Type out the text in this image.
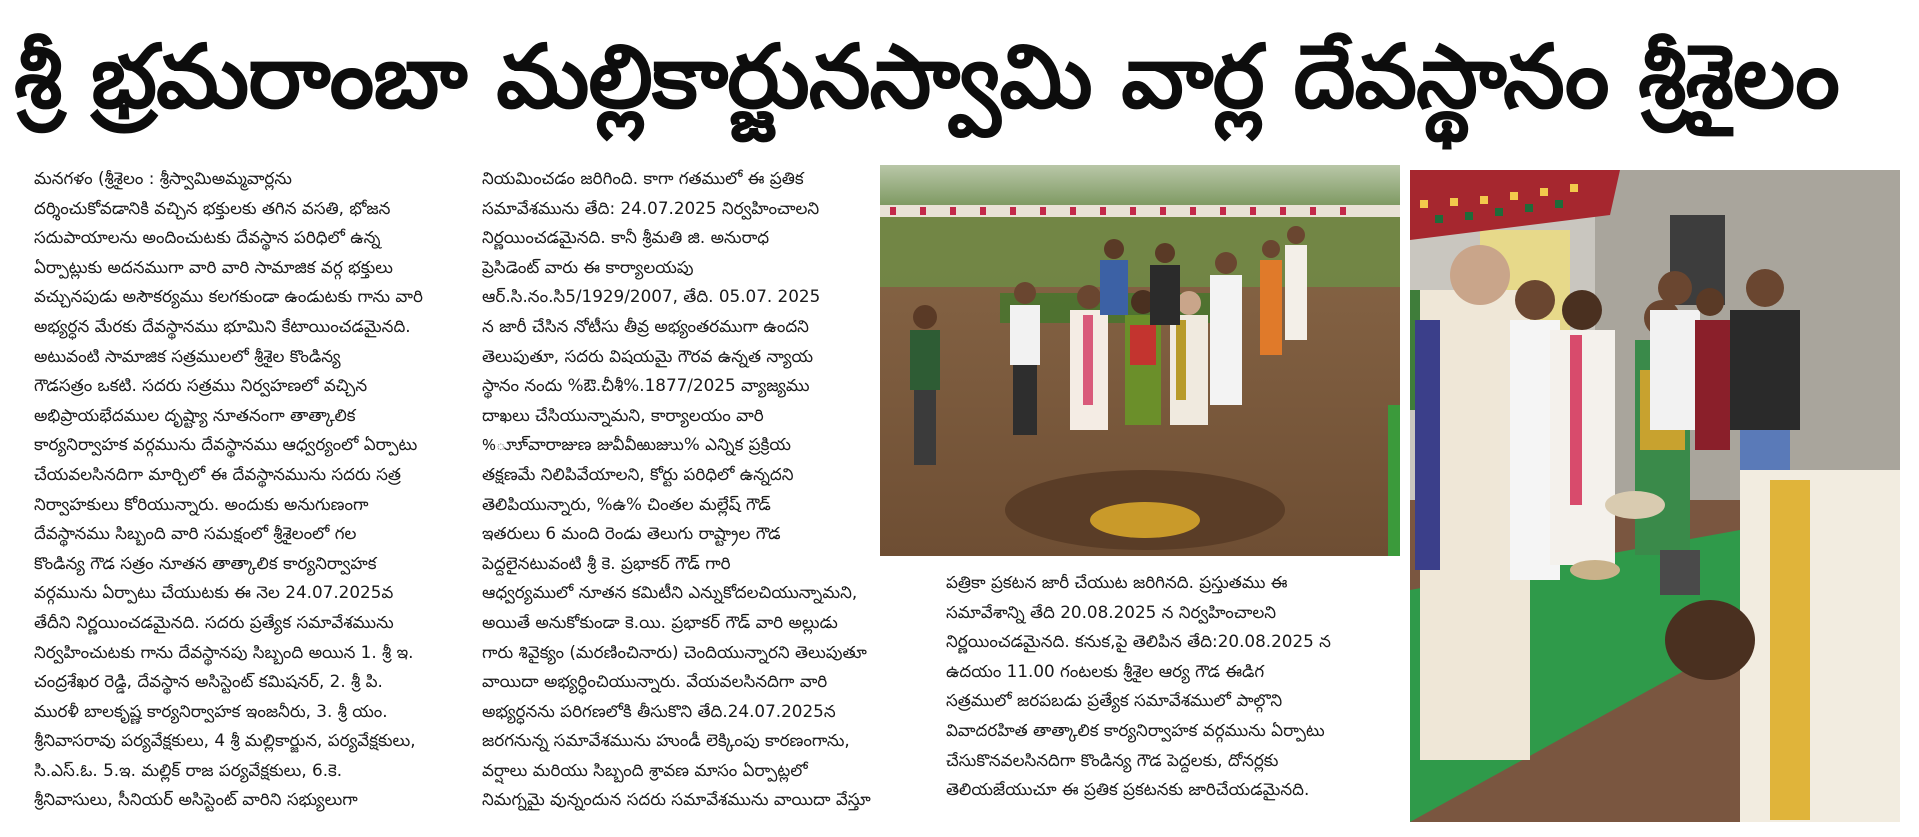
శ్రీ భ్రమరాంబా మల్లికార్జునస్వామి వార్ల దేవస్థానం శ్రీశైలం
మనగళం (శ్రీశైలం : శ్రీస్వామిఅమ్మవార్లను
దర్శించుకోవడానికి వచ్చిన భక్తులకు తగిన వసతి, భోజన
సదుపాయాలను అందించుటకు దేవస్థాన పరిధిలో ఉన్న
ఏర్పాట్లుకు అదనముగా వారి వారి సామాజిక వర్గ భక్తులు
వచ్చునపుడు అసౌకర్యము కలగకుండా ఉండుటకు గాను వారి
అభ్యర్ధన మేరకు దేవస్థానము భూమిని కేటాయించడమైనది.
అటువంటి సామాజిక సత్రములలో శ్రీశైల కొండిన్య
గౌడసత్రం ఒకటి. సదరు సత్రము నిర్వహణలో వచ్చిన
అభిప్రాయభేదముల దృష్ట్యా నూతనంగా తాత్కాలిక
కార్యనిర్వాహక వర్గమును దేవస్థానము ఆధ్వర్యంలో ఏర్పాటు
చేయవలసినదిగా మార్చిలో ఈ దేవస్థానమును సదరు సత్ర
నిర్వాహకులు కోరియున్నారు. అందుకు అనుగుణంగా
దేవస్థానము సిబ్బంది వారి సమక్షంలో శ్రీశైలంలో గల
కొండిన్య గౌడ సత్రం నూతన తాత్కాలిక కార్యనిర్వాహక
వర్గమును ఏర్పాటు చేయుటకు ఈ నెల 24.07.2025వ
తేదీని నిర్ణయించడమైనది. సదరు ప్రత్యేక సమావేశమును
నిర్వహించుటకు గాను దేవస్థానపు సిబ్బంది అయిన 1. శ్రీ ఇ.
చంద్రశేఖర రెడ్డి, దేవస్థాన అసిస్టెంట్ కమిషనర్, 2. శ్రీ పి.
మురళీ బాలకృష్ణ కార్యనిర్వాహక ఇంజనీరు, 3. శ్రీ యం.
శ్రీనివాసరావు పర్యవేక్షకులు, 4 శ్రీ మల్లికార్జున, పర్యవేక్షకులు,
సి.ఎస్.ఓ. 5.ఇ. మల్లిక్ రాజ పర్యవేక్షకులు, 6.కె.
శ్రీనివాసులు, సీనియర్ అసిస్టెంట్ వారిని సభ్యులుగా
నియమించడం జరిగింది. కాగా గతములో ఈ ప్రతిక
సమావేశమును తేది: 24.07.2025 నిర్వహించాలని
నిర్ణయించడమైనది. కానీ శ్రీమతి జి. అనురాధ
ప్రెసిడెంట్ వారు ఈ కార్యాలయపు
ఆర్.సి.నం.సి5/1929/2007, తేది. 05.07. 2025
న జారీ చేసిన నోటీసు తీవ్ర అభ్యంతరముగా ఉందని
తెలుపుతూ, సదరు విషయమై గౌరవ ఉన్నత న్యాయ
స్థానం నందు %ఔ.చీశీ%.1877/2025 వ్యాజ్యము
దాఖలు చేసియున్నామని, కార్యాలయం వారి
%ూూ్వారాజుణ జువీవీఱుజుుు% ఎన్నిక ప్రక్రియ
తక్షణమే నిలిపివేయాలని, కోర్టు పరిధిలో ఉన్నదని
తెలిపియున్నారు, %ఉ% చింతల మల్లేష్ గౌడ్
ఇతరులు 6 మంది రెండు తెలుగు రాష్ట్రాల గౌడ
పెద్దలైనటువంటి శ్రీ కె. ప్రభాకర్ గౌడ్ గారి
ఆధ్వర్యములో నూతన కమిటీని ఎన్నుకోదలచియున్నామని,
అయితే అనుకోకుండా కె.యి. ప్రభాకర్ గౌడ్ వారి అల్లుడు
గారు శివైక్యం (మరణించినారు) చెందియున్నారని తెలుపుతూ
వాయిదా అభ్యర్ధించియున్నారు. వేయవలసినదిగా వారి
అభ్యర్ధనను పరిగణలోకి తీసుకొని తేది.24.07.2025న
జరగనున్న సమావేశమును హుండీ లెక్కింపు కారణంగాను,
వర్షాలు మరియు సిబ్బంది శ్రావణ మాసం ఏర్పాట్లలో
నిమగ్నమై వున్నందున సదరు సమావేశమును వాయిదా వేస్తూ
పత్రికా ప్రకటన జారీ చేయుట జరిగినది. ప్రస్తుతము ఈ
సమావేశాన్ని తేది 20.08.2025 న నిర్వహించాలని
నిర్ణయించడమైనది. కనుక,పై తెలిపిన తేది:20.08.2025 న
ఉదయం 11.00 గంటలకు శ్రీశైల ఆర్య గౌడ ఈడిగ
సత్రములో జరపబడు ప్రత్యేక సమావేశములో పాల్గొని
వివాదరహిత తాత్కాలిక కార్యనిర్వాహక వర్గమును ఏర్పాటు
చేసుకొనవలసినదిగా కొండిన్య గౌడ పెద్దలకు, దోనర్లకు
తెలియజేయుచూ ఈ ప్రతిక ప్రకటనకు జారిచేయడమైనది.
